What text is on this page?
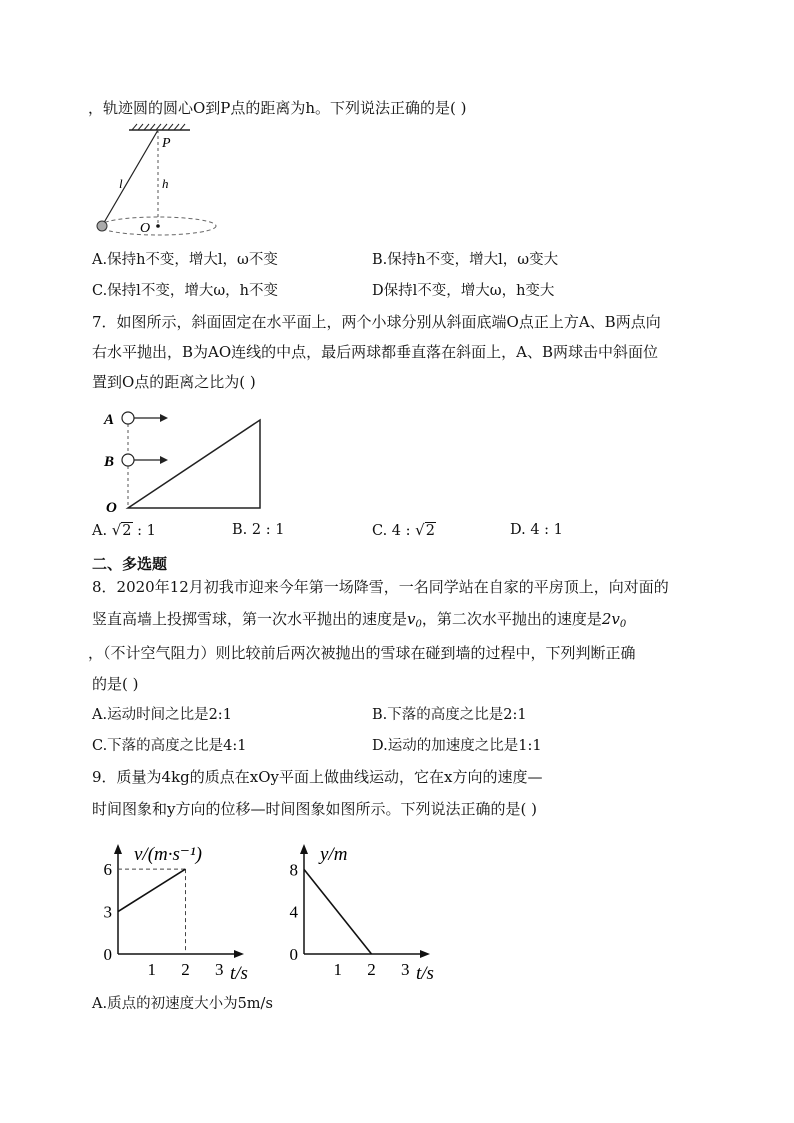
，轨迹圆的圆心O到P点的距离为h。下列说法正确的是( )
P
h
l
O
A.保持h不变，增大l，ω不变	B.保持h不变，增大l，ω变大
C.保持l不变，增大ω，h不变	D保持l不变，增大ω，h变大
7．如图所示，斜面固定在水平面上，两个小球分别从斜面底端O点正上方A、B两点向
右水平抛出，B为AO连线的中点，最后两球都垂直落在斜面上，A、B两球击中斜面位
置到O点的距离之比为( )
A
B
O
A. √2 : 1	B. 2 : 1	C. 4 : √2	D. 4 : 1
二、多选题
8．2020年12月初我市迎来今年第一场降雪，一名同学站在自家的平房顶上，向对面的
竖直高墙上投掷雪球，第一次水平抛出的速度是$v_0$，第二次水平抛出的速度是$2v_0$
，（不计空气阻力）则比较前后两次被抛出的雪球在碰到墙的过程中，下列判断正确
的是( )
A.运动时间之比是2:1	B.下落的高度之比是2:1
C.下落的高度之比是4:1	D.运动的加速度之比是1:1
9．质量为4kg的质点在xOy平面上做曲线运动，它在x方向的速度—
时间图象和y方向的位移—时间图象如图所示。下列说法正确的是( )
0
3
6
1 2 3
v/(m·s⁻¹)
t/s
0
4
8
1 2 3
y/m
t/s
A.质点的初速度大小为5m/s
